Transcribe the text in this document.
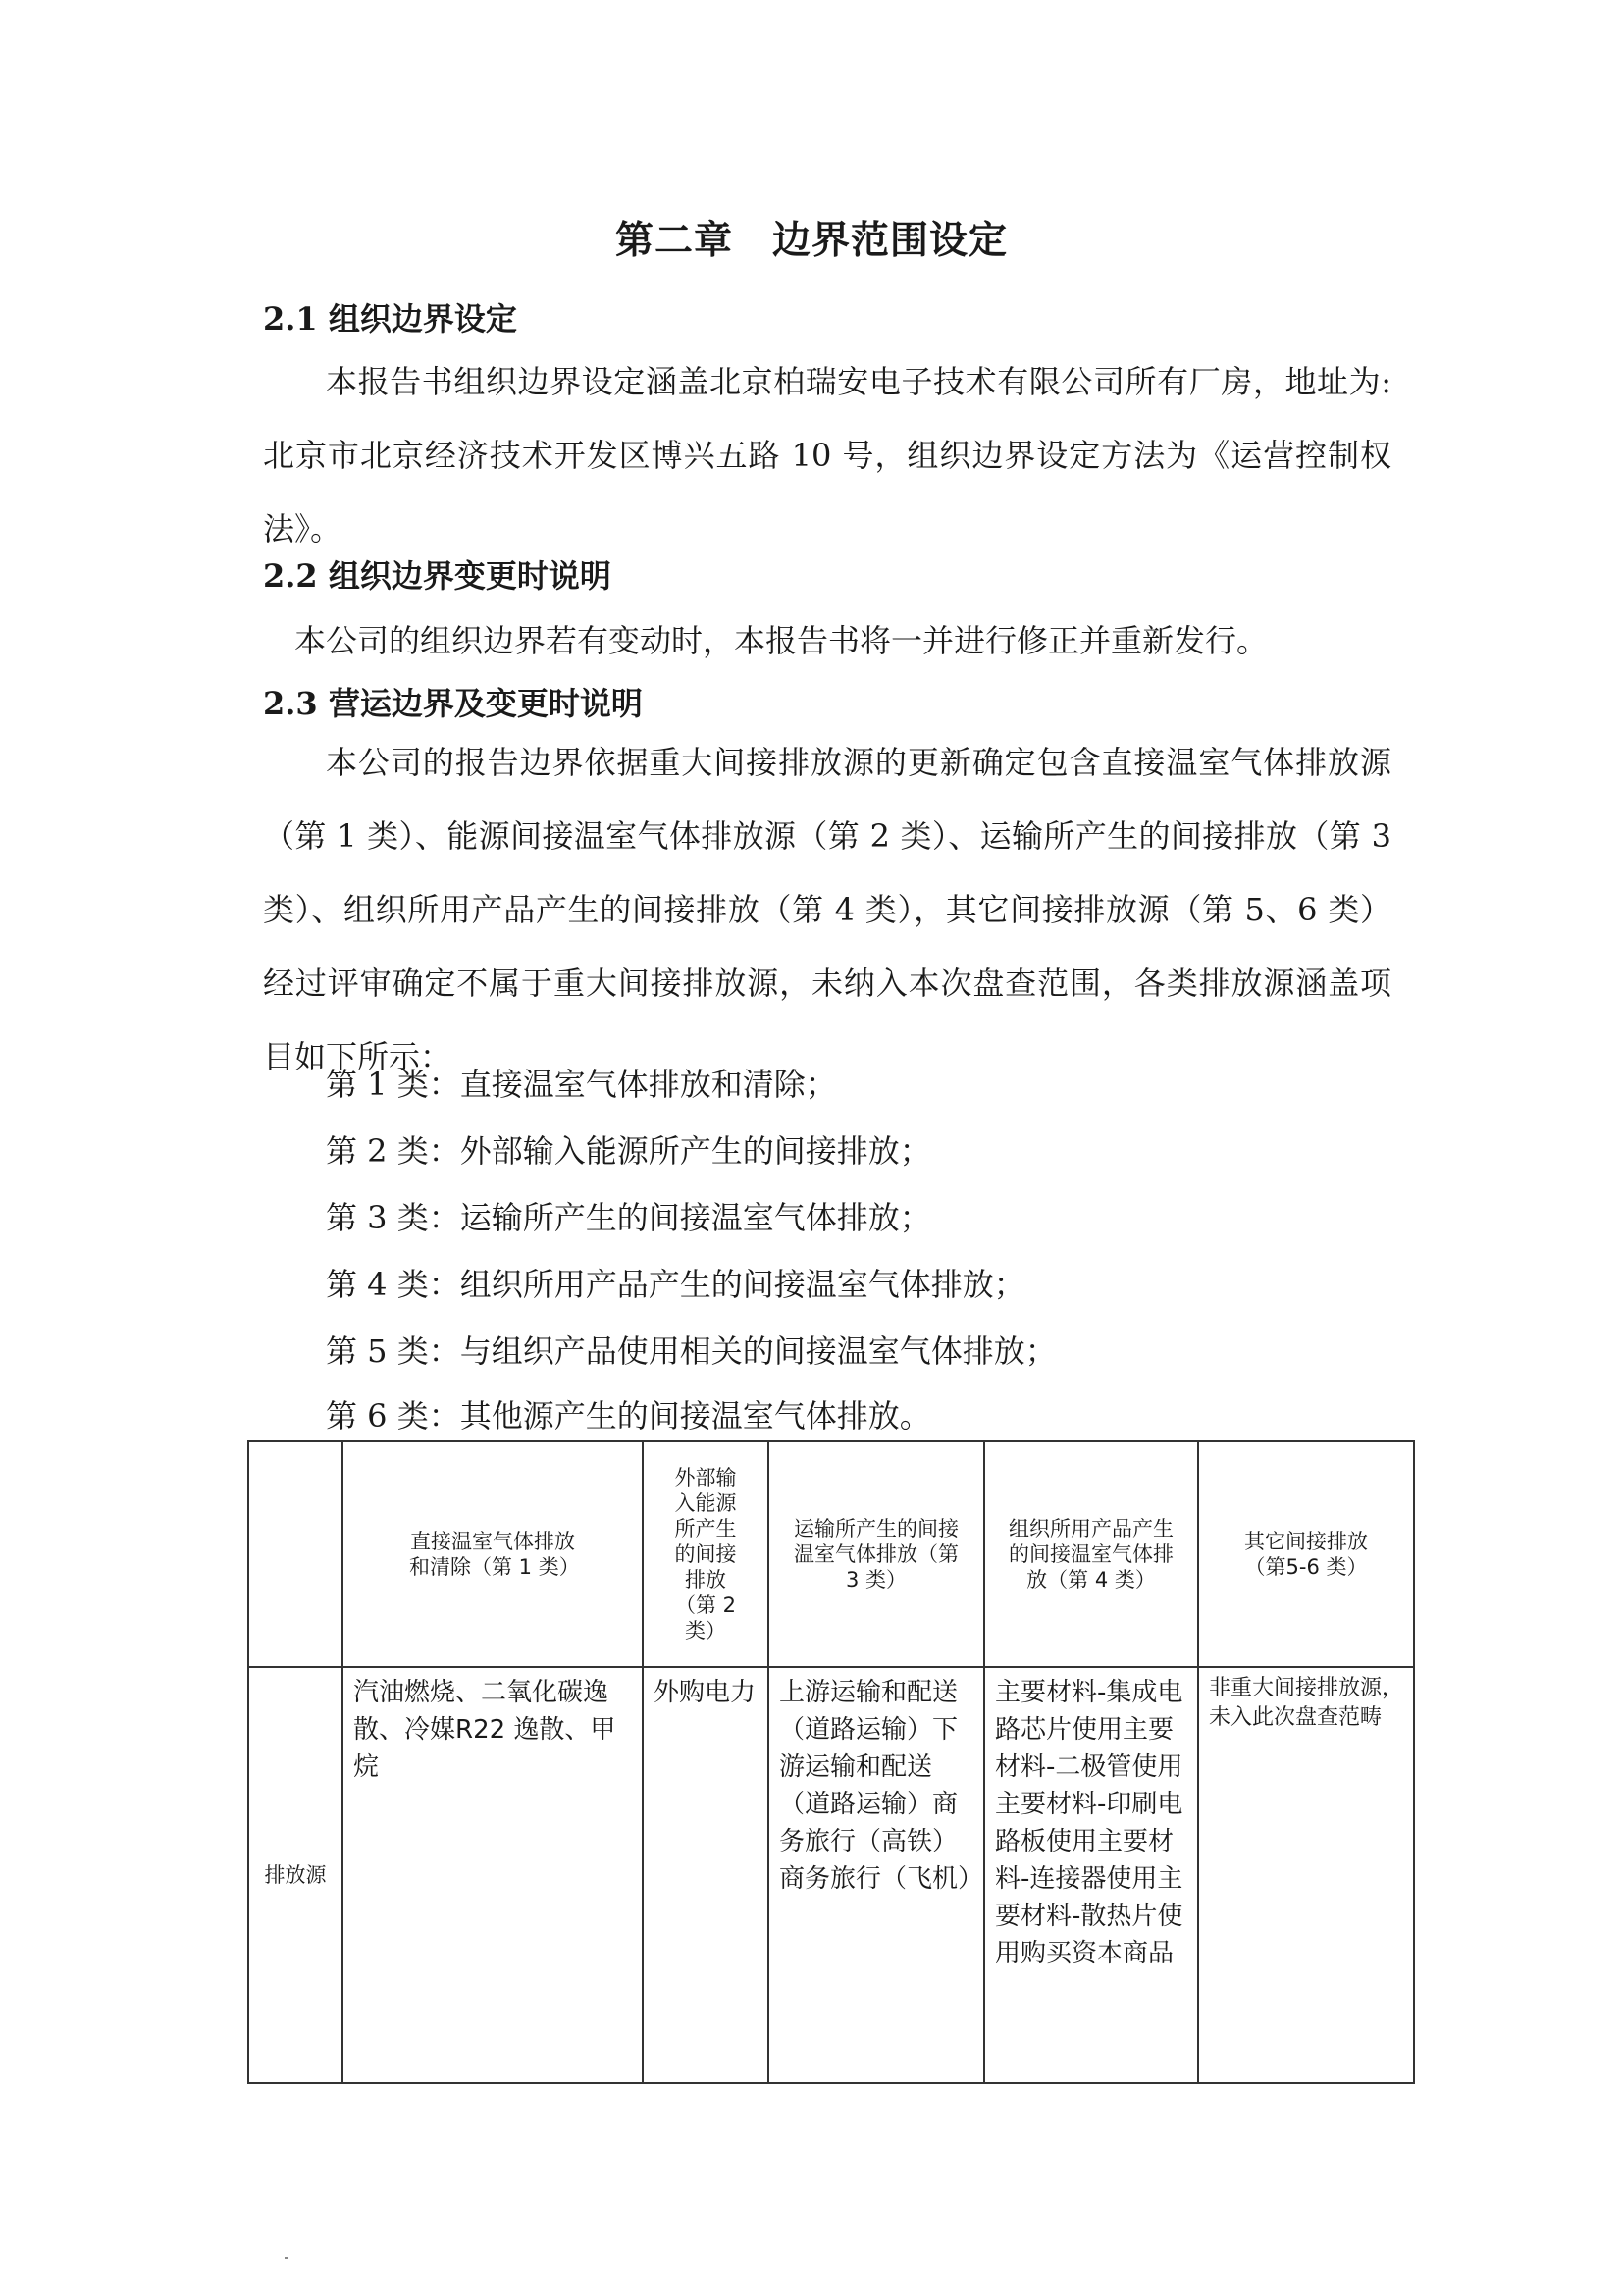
第二章 边界范围设定
2.1 组织边界设定

本报告书组织边界设定涵盖北京柏瑞安电子技术有限公司所有厂房，地址为:北京市北京经济技术开发区博兴五路 10 号，组织边界设定方法为《运营控制权法》。

2.2 组织边界变更时说明
本公司的组织边界若有变动时，本报告书将一并进行修正并重新发行。
2.3 营运边界及变更时说明

本公司的报告边界依据重大间接排放源的更新确定包含直接温室气体排放源（第 1 类）、能源间接温室气体排放源（第 2 类）、运输所产生的间接排放（第 3 类）、组织所用产品产生的间接排放（第 4 类），其它间接排放源（第 5、6 类）经过评审确定不属于重大间接排放源，未纳入本次盘查范围，各类排放源涵盖项目如下所示：

第 1 类：直接温室气体排放和清除；
第 2 类：外部输入能源所产生的间接排放；
第 3 类：运输所产生的间接温室气体排放；
第 4 类：组织所用产品产生的间接温室气体排放；
第 5 类：与组织产品使用相关的间接温室气体排放；
第 6 类：其他源产生的间接温室气体排放。
	直接温室气体排放和清除（第 1 类）	外部输入能源所产生的间接排放（第 2 类）	运输所产生的间接温室气体排放（第 3 类）	组织所用产品产生的间接温室气体排放（第 4 类）	其它间接排放（第5-6 类）
排放源	汽油燃烧、二氧化碳逸散、冷媒R22 逸散、甲烷	外购电力	上游运输和配送（道路运输）下游运输和配送（道路运输）商务旅行（高铁）商务旅行（飞机）	主要材料-集成电路芯片使用主要材料-二极管使用主要材料-印刷电路板使用主要材料-连接器使用主要材料-散热片使用购买资本商品	非重大间接排放源，未入此次盘查范畴
